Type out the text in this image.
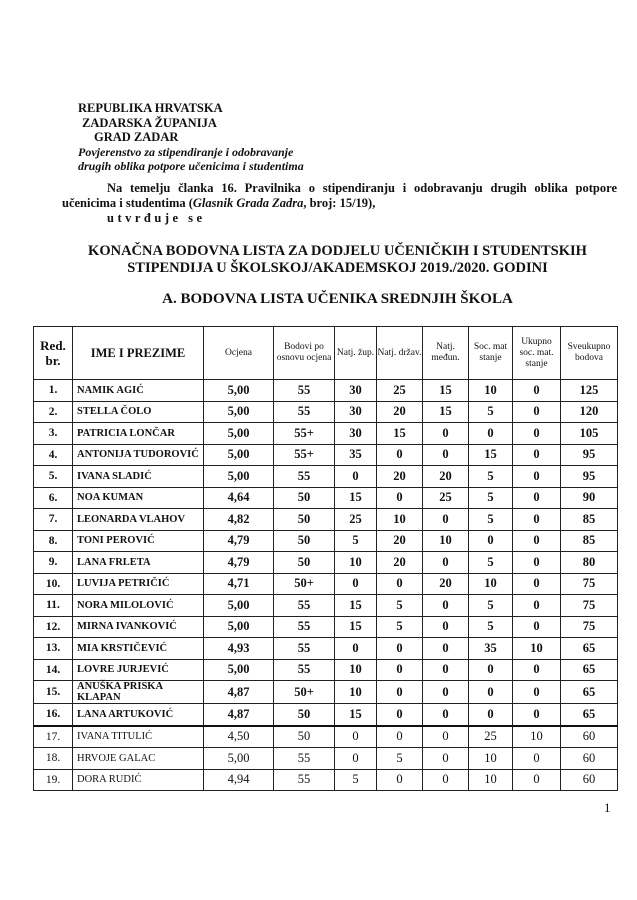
REPUBLIKA HRVATSKA
ZADARSKA ŽUPANIJA
GRAD ZADAR
Povjerenstvo za stipendiranje i odobravanje
drugih oblika potpore učenicima i studentima
Na temelju članka 16. Pravilnika o stipendiranju i odobravanju drugih oblika potpore učenicima i studentima (Glasnik Grada Zadra, broj: 15/19),
utvrđuje se
KONAČNA BODOVNA LISTA ZA DODJELU UČENIČKIH I STUDENTSKIH
STIPENDIJA U ŠKOLSKOJ/AKADEMSKOJ 2019./2020. GODINI
A. BODOVNA LISTA UČENIKA SREDNJIH ŠKOLA
Red. br.	IME I PREZIME	Ocjena	Bodovi po osnovu ocjena	Natj. žup.	Natj. držav.	Natj. međun.	Soc. mat stanje	Ukupno soc. mat. stanje	Sveukupno bodova
1.	NAMIK AGIĆ	5,00	55	30	25	15	10	0	125
2.	STELLA ČOLO	5,00	55	30	20	15	5	0	120
3.	PATRICIA LONČAR	5,00	55+	30	15	0	0	0	105
4.	ANTONIJA TUDOROVIĆ	5,00	55+	35	0	0	15	0	95
5.	IVANA SLADIĆ	5,00	55	0	20	20	5	0	95
6.	NOA KUMAN	4,64	50	15	0	25	5	0	90
7.	LEONARDA VLAHOV	4,82	50	25	10	0	5	0	85
8.	TONI PEROVIĆ	4,79	50	5	20	10	0	0	85
9.	LANA FRLETA	4,79	50	10	20	0	5	0	80
10.	LUVIJA PETRIČIĆ	4,71	50+	0	0	20	10	0	75
11.	NORA MILOLOVIĆ	5,00	55	15	5	0	5	0	75
12.	MIRNA IVANKOVIĆ	5,00	55	15	5	0	5	0	75
13.	MIA KRSTIČEVIĆ	4,93	55	0	0	0	35	10	65
14.	LOVRE JURJEVIĆ	5,00	55	10	0	0	0	0	65
15.	ANUŠKA PRISKA KLAPAN	4,87	50+	10	0	0	0	0	65
16.	LANA ARTUKOVIĆ	4,87	50	15	0	0	0	0	65
17.	IVANA TITULIĆ	4,50	50	0	0	0	25	10	60
18.	HRVOJE GALAC	5,00	55	0	5	0	10	0	60
19.	DORA RUDIĆ	4,94	55	5	0	0	10	0	60
1
